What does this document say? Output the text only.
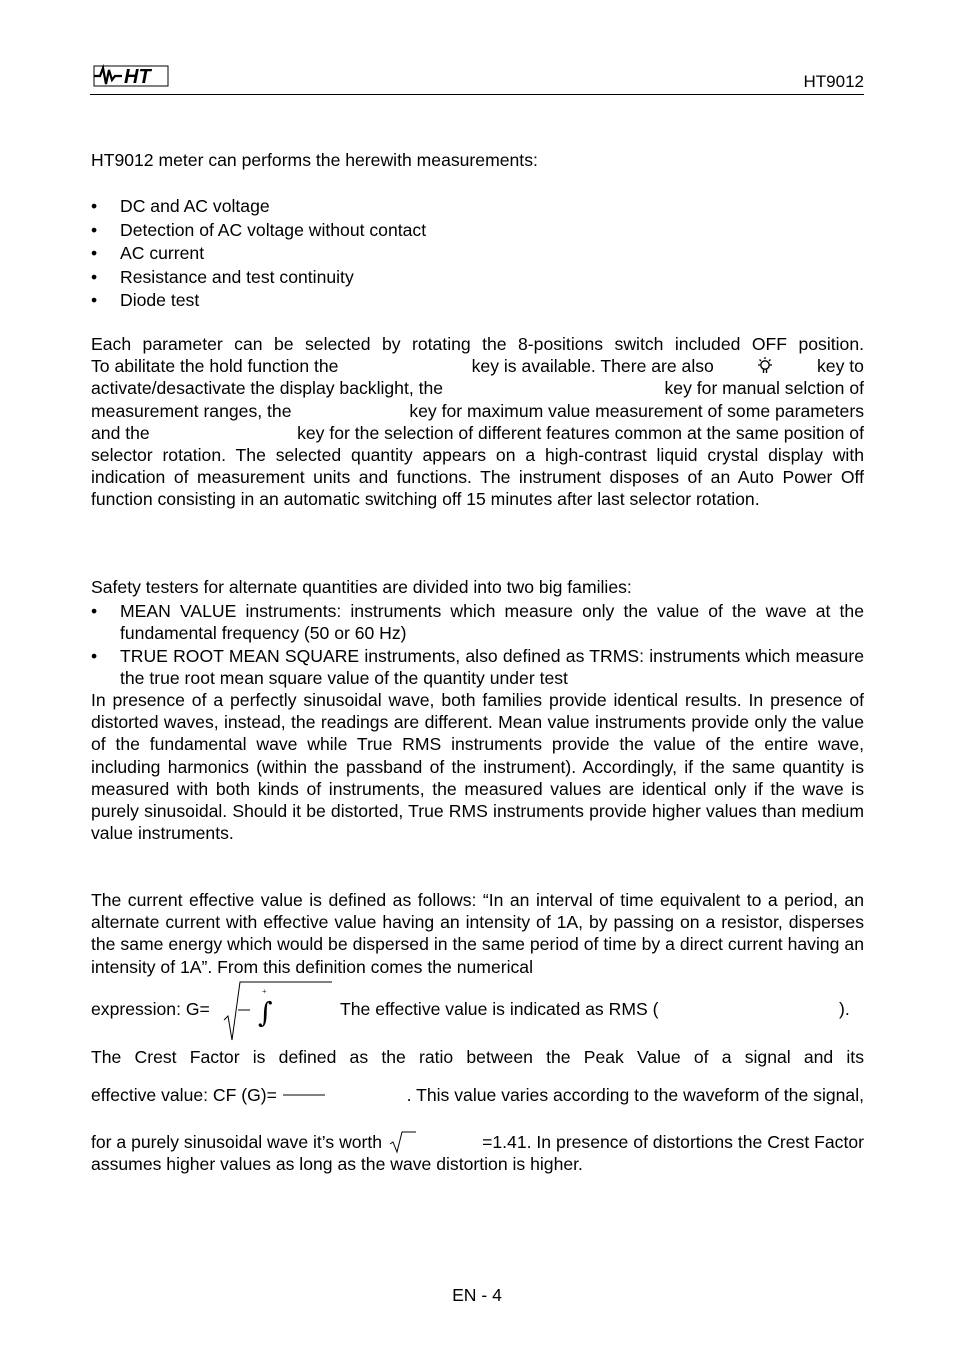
HT	HT9012
HT9012 meter can performs the herewith measurements:
• DC and AC voltage
• Detection of AC voltage without contact
• AC current
• Resistance and test continuity
• Diode test
Each parameter can be selected by rotating the 8-positions switch included OFF position.
To abilitate the hold function the	key is available. There are also	key to
activate/desactivate the display backlight, the	key for manual selction of
measurement ranges, the	key for maximum value measurement of some parameters
and the	key for the selection of different features common at the same position of
selector rotation. The selected quantity appears on a high-contrast liquid crystal display with indication of measurement units and functions. The instrument disposes of an Auto Power Off function consisting in an automatic switching off 15 minutes after last selector rotation.
Safety testers for alternate quantities are divided into two big families:
•	MEAN VALUE instruments: instruments which measure only the value of the wave at the fundamental frequency (50 or 60 Hz)
•	TRUE ROOT MEAN SQUARE instruments, also defined as TRMS: instruments which measure the true root mean square value of the quantity under test
In presence of a perfectly sinusoidal wave, both families provide identical results. In presence of distorted waves, instead, the readings are different. Mean value instruments provide only the value of the fundamental wave while True RMS instruments provide the value of the entire wave, including harmonics (within the passband of the instrument). Accordingly, if the same quantity is measured with both kinds of instruments, the measured values are identical only if the wave is purely sinusoidal. Should it be distorted, True RMS instruments provide higher values than medium value instruments.
The current effective value is defined as follows: “In an interval of time equivalent to a period, an alternate current with effective value having an intensity of 1A, by passing on a resistor, disperses the same energy which would be dispersed in the same period of time by a direct current having an intensity of 1A”. From this definition comes the numerical
expression: G=
+
∫	The effective value is indicated as RMS (	).
The Crest Factor is defined as the ratio between the Peak Value of a signal and its
effective value: CF (G)=	. This value varies according to the waveform of the signal,
for a purely sinusoidal wave it’s worth	=1.41. In presence of distortions the Crest Factor
assumes higher values as long as the wave distortion is higher.
EN - 4
